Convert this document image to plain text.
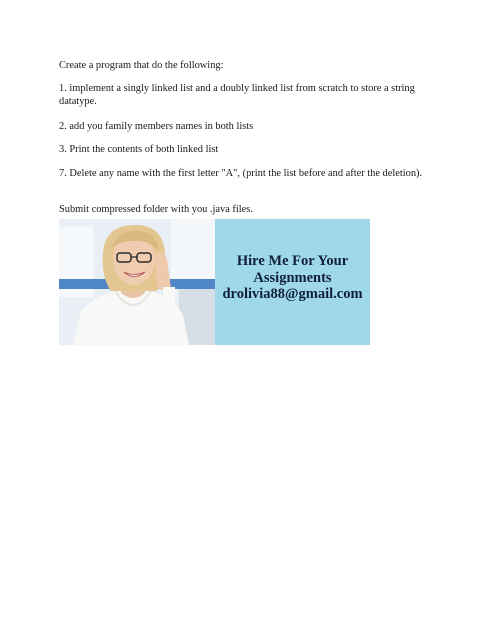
Create a program that do the following:

1. implement a singly linked list and a doubly linked list from scratch to store a string datatype.

2. add you family members names in both lists

3. Print the contents of both linked list

7. Delete any name with the first letter "A", (print the list before and after the deletion).

Submit compressed folder with you .java files.

Hire Me For Your
Assignments
drolivia88@gmail.com
